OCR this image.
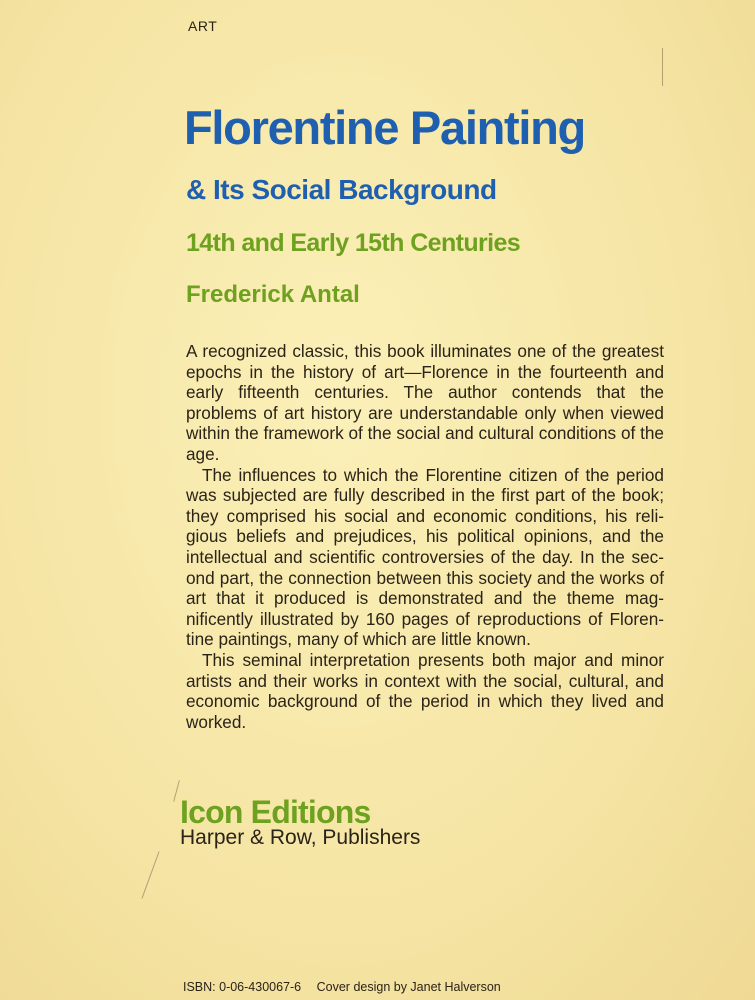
ART
Florentine Painting
& Its Social Background
14th and Early 15th Centuries
Frederick Antal

A recognized classic, this book illuminates one of the greatest epochs in the history of art—Florence in the fourteenth and early fifteenth centuries. The author contends that the problems of art history are understandable only when viewed within the framework of the social and cultural conditions of the age.

The influences to which the Florentine citizen of the period was subjected are fully described in the first part of the book; they comprised his social and economic conditions, his religious beliefs and prejudices, his political opinions, and the intellectual and scientific controversies of the day. In the second part, the connection between this society and the works of art that it produced is demonstrated and the theme magnificently illustrated by 160 pages of reproductions of Florentine paintings, many of which are little known.

This seminal interpretation presents both major and minor artists and their works in context with the social, cultural, and economic background of the period in which they lived and worked.

Icon Editions
Harper & Row, Publishers
ISBN: 0-06-430067-6 Cover design by Janet Halverson
